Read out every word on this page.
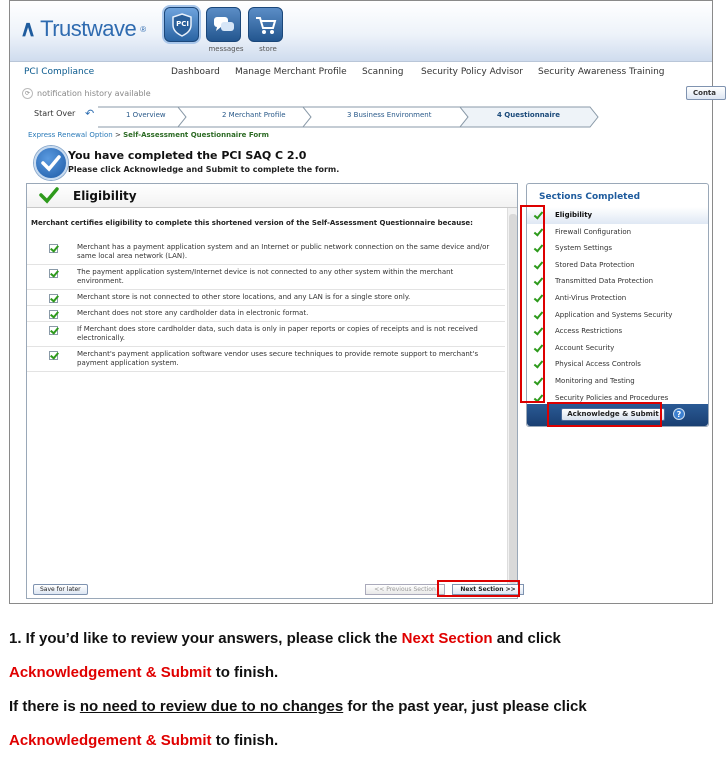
∧ Trustwave ®
PCI
messages	store
PCI Compliance	Dashboard Manage Merchant Profile Scanning Security Policy Advisor Security Awareness Training
⟳ notification history available	Conta
Start Over ↶	1 Overview	2 Merchant Profile	3 Business Environment	4 Questionnaire
Express Renewal Option > Self-Assessment Questionnaire Form
You have completed the PCI SAQ C 2.0
Please click Acknowledge and Submit to complete the form.
Eligibility
Merchant certifies eligibility to complete this shortened version of the Self-Assessment Questionnaire because:
Merchant has a payment application system and an Internet or public network connection on the same device and/or same local area network (LAN).
The payment application system/Internet device is not connected to any other system within the merchant environment.
Merchant store is not connected to other store locations, and any LAN is for a single store only.
Merchant does not store any cardholder data in electronic format.
If Merchant does store cardholder data, such data is only in paper reports or copies of receipts and is not received electronically.
Merchant's payment application software vendor uses secure techniques to provide remote support to merchant's payment application system.
Save for later	<< Previous Section	Next Section >>
Sections Completed
Eligibility
Firewall Configuration
System Settings
Stored Data Protection
Transmitted Data Protection
Anti-Virus Protection
Application and Systems Security
Access Restrictions
Account Security
Physical Access Controls
Monitoring and Testing
Security Policies and Procedures
Acknowledge & Submit	?
1. If you’d like to review your answers, please click the Next Section and click
Acknowledgement & Submit to finish.
If there is no need to review due to no changes for the past year, just please click
Acknowledgement & Submit to finish.
